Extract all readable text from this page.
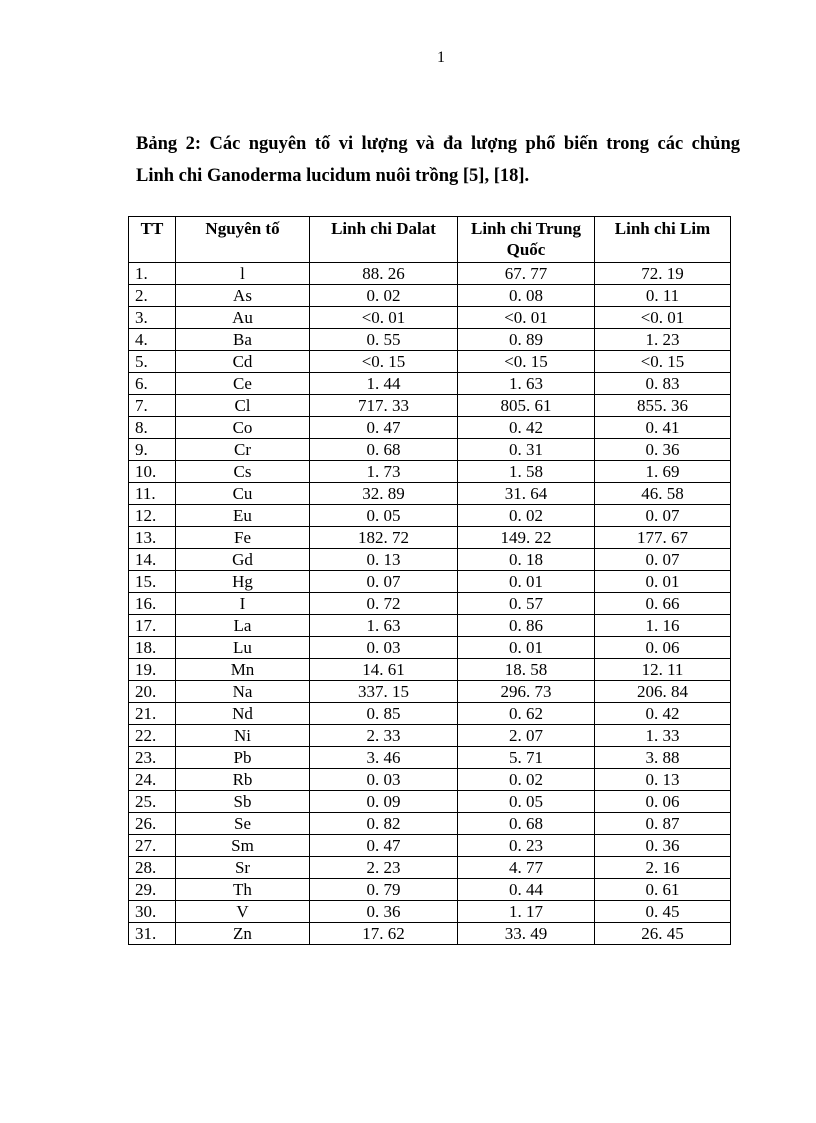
1
Bảng 2: Các nguyên tố vi lượng và đa lượng phổ biến trong các chủng
Linh chi Ganoderma lucidum nuôi trồng [5], [18].
TT	Nguyên tố	Linh chi Dalat	Linh chi Trung Quốc	Linh chi Lim
1.	l	88. 26	67. 77	72. 19
2.	As	0. 02	0. 08	0. 11
3.	Au	<0. 01	<0. 01	<0. 01
4.	Ba	0. 55	0. 89	1. 23
5.	Cd	<0. 15	<0. 15	<0. 15
6.	Ce	1. 44	1. 63	0. 83
7.	Cl	717. 33	805. 61	855. 36
8.	Co	0. 47	0. 42	0. 41
9.	Cr	0. 68	0. 31	0. 36
10.	Cs	1. 73	1. 58	1. 69
11.	Cu	32. 89	31. 64	46. 58
12.	Eu	0. 05	0. 02	0. 07
13.	Fe	182. 72	149. 22	177. 67
14.	Gd	0. 13	0. 18	0. 07
15.	Hg	0. 07	0. 01	0. 01
16.	I	0. 72	0. 57	0. 66
17.	La	1. 63	0. 86	1. 16
18.	Lu	0. 03	0. 01	0. 06
19.	Mn	14. 61	18. 58	12. 11
20.	Na	337. 15	296. 73	206. 84
21.	Nd	0. 85	0. 62	0. 42
22.	Ni	2. 33	2. 07	1. 33
23.	Pb	3. 46	5. 71	3. 88
24.	Rb	0. 03	0. 02	0. 13
25.	Sb	0. 09	0. 05	0. 06
26.	Se	0. 82	0. 68	0. 87
27.	Sm	0. 47	0. 23	0. 36
28.	Sr	2. 23	4. 77	2. 16
29.	Th	0. 79	0. 44	0. 61
30.	V	0. 36	1. 17	0. 45
31.	Zn	17. 62	33. 49	26. 45
